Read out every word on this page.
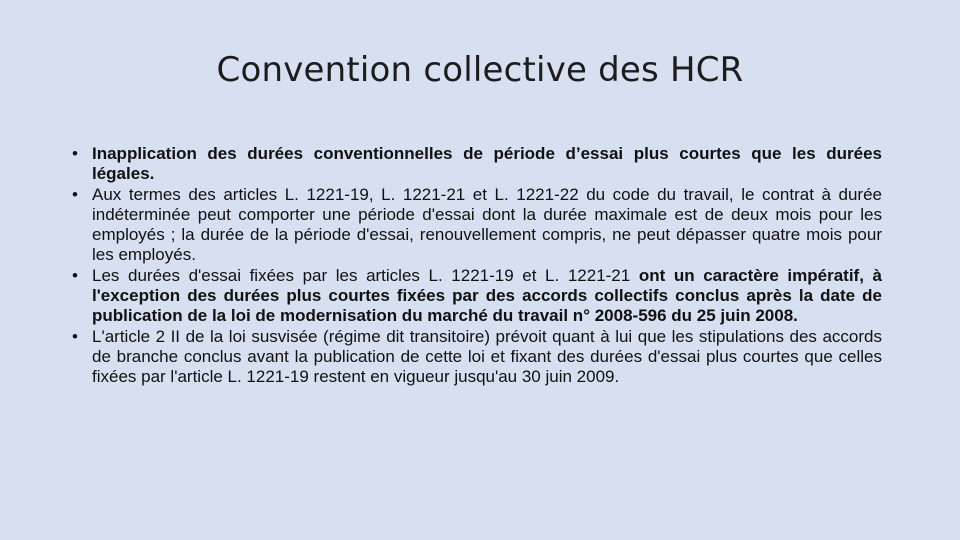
Convention collective des HCR
• Inapplication des durées conventionnelles de période d’essai plus courtes que les durées légales.
• Aux termes des articles L. 1221-19, L. 1221-21 et L. 1221-22 du code du travail, le contrat à durée indéterminée peut comporter une période d'essai dont la durée maximale est de deux mois pour les employés ; la durée de la période d'essai, renouvellement compris, ne peut dépasser quatre mois pour les employés.
• Les durées d'essai fixées par les articles L. 1221-19 et L. 1221-21 ont un caractère impératif, à l'exception des durées plus courtes fixées par des accords collectifs conclus après la date de publication de la loi de modernisation du marché du travail n° 2008-596 du 25 juin 2008.
• L'article 2 II de la loi susvisée (régime dit transitoire) prévoit quant à lui que les stipulations des accords de branche conclus avant la publication de cette loi et fixant des durées d'essai plus courtes que celles fixées par l'article L. 1221-19 restent en vigueur jusqu'au 30 juin 2009.
